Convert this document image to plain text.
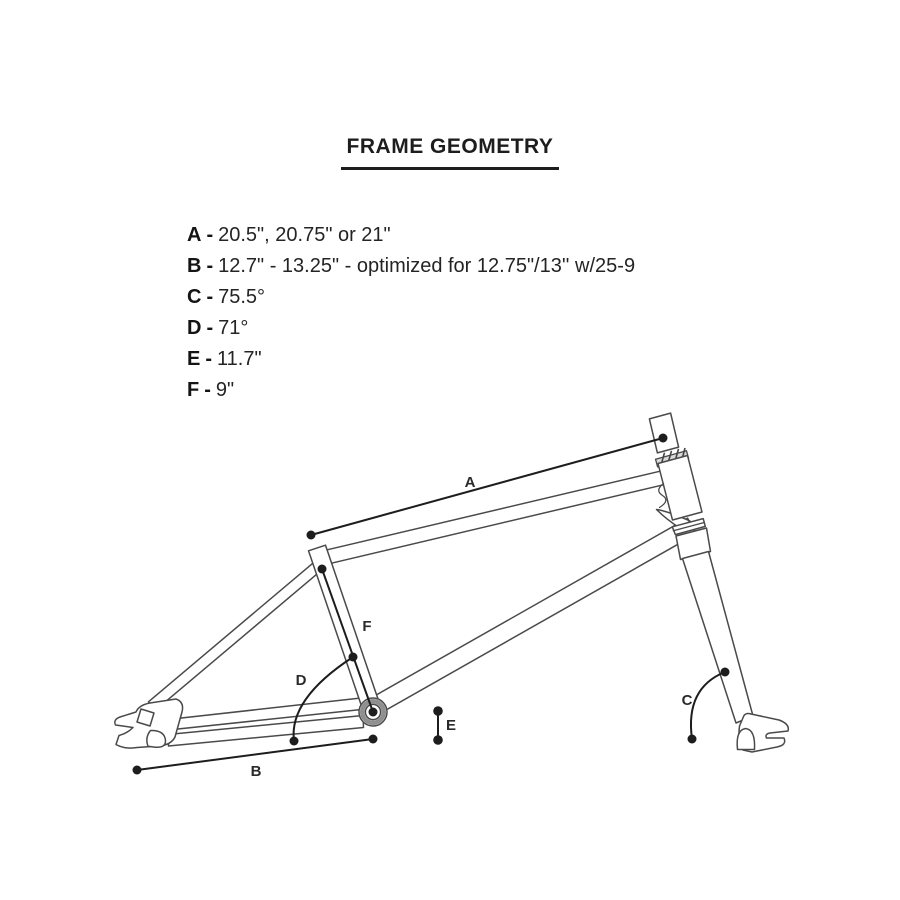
FRAME GEOMETRY
A - 20.5", 20.75" or 21"
B - 12.7" - 13.25" - optimized for 12.75"/13'' w/25-9
C - 75.5°
D - 71°
E - 11.7"
F - 9"
A
B
C
D
E
F
